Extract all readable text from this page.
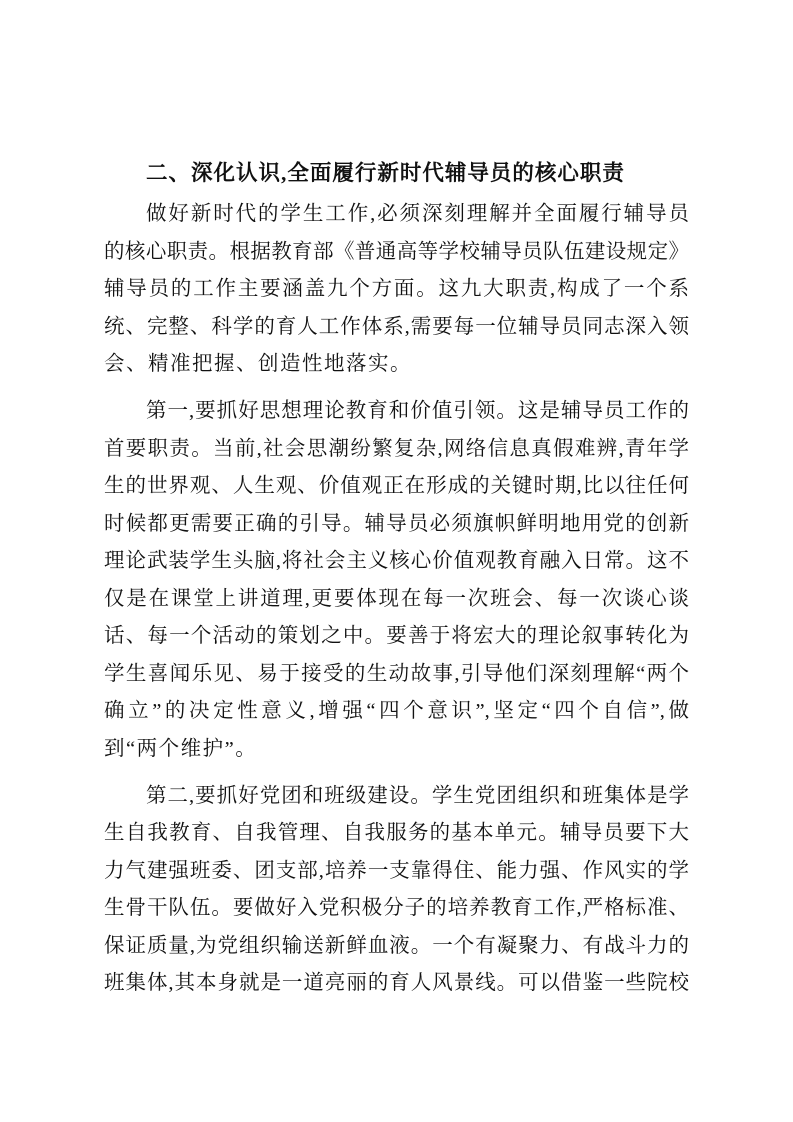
二、深化认识,全面履行新时代辅导员的核心职责
做好新时代的学生工作,必须深刻理解并全面履行辅导员
的核心职责。根据教育部《普通高等学校辅导员队伍建设规定》
辅导员的工作主要涵盖九个方面。这九大职责,构成了一个系
统、完整、科学的育人工作体系,需要每一位辅导员同志深入领
会、精准把握、创造性地落实。
第一,要抓好思想理论教育和价值引领。这是辅导员工作的
首要职责。当前,社会思潮纷繁复杂,网络信息真假难辨,青年学
生的世界观、人生观、价值观正在形成的关键时期,比以往任何
时候都更需要正确的引导。辅导员必须旗帜鲜明地用党的创新
理论武装学生头脑,将社会主义核心价值观教育融入日常。这不
仅是在课堂上讲道理,更要体现在每一次班会、每一次谈心谈
话、每一个活动的策划之中。要善于将宏大的理论叙事转化为
学生喜闻乐见、易于接受的生动故事,引导他们深刻理解“两个
确立”的决定性意义,增强“四个意识”,坚定“四个自信”,做
到“两个维护”。
第二,要抓好党团和班级建设。学生党团组织和班集体是学
生自我教育、自我管理、自我服务的基本单元。辅导员要下大
力气建强班委、团支部,培养一支靠得住、能力强、作风实的学
生骨干队伍。要做好入党积极分子的培养教育工作,严格标准、
保证质量,为党组织输送新鲜血液。一个有凝聚力、有战斗力的
班集体,其本身就是一道亮丽的育人风景线。可以借鉴一些院校
